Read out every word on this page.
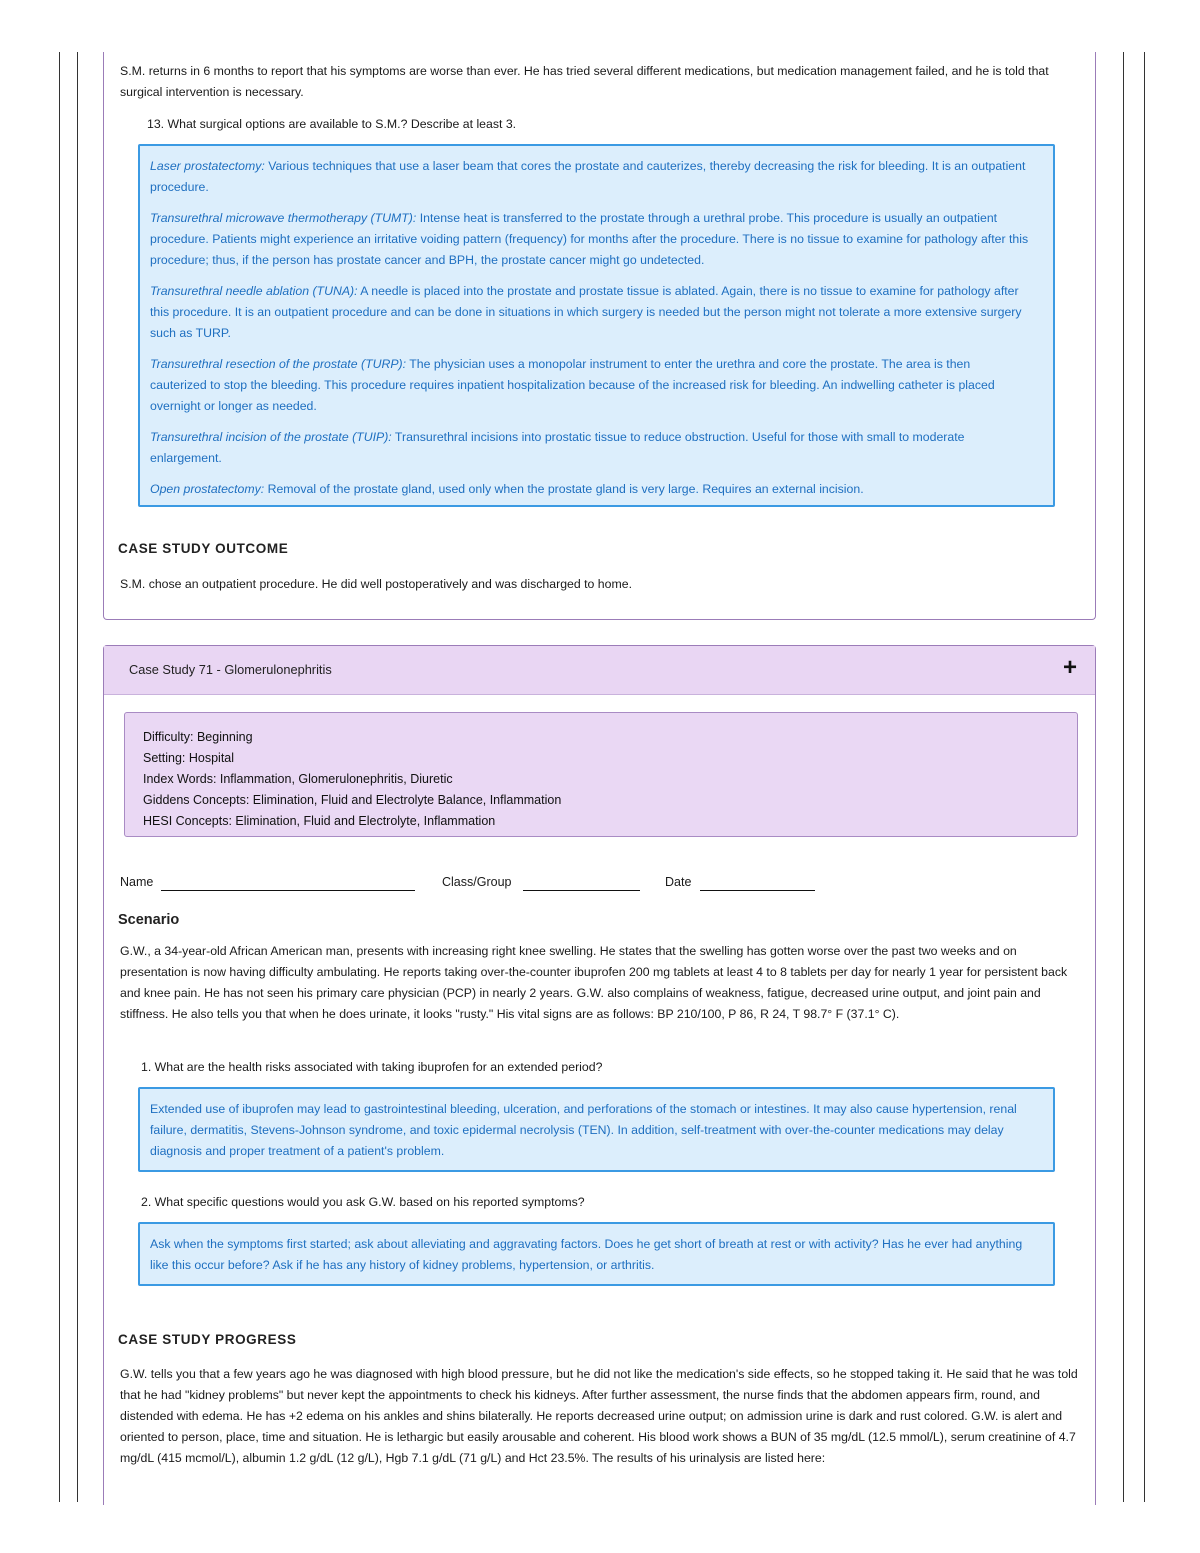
S.M. returns in 6 months to report that his symptoms are worse than ever. He has tried several different medications, but medication management failed, and he is told that surgical intervention is necessary.

13. What surgical options are available to S.M.? Describe at least 3.

Laser prostatectomy: Various techniques that use a laser beam that cores the prostate and cauterizes, thereby decreasing the risk for bleeding. It is an outpatient procedure.

Transurethral microwave thermotherapy (TUMT): Intense heat is transferred to the prostate through a urethral probe. This procedure is usually an outpatient procedure. Patients might experience an irritative voiding pattern (frequency) for months after the procedure. There is no tissue to examine for pathology after this procedure; thus, if the person has prostate cancer and BPH, the prostate cancer might go undetected.

Transurethral needle ablation (TUNA): A needle is placed into the prostate and prostate tissue is ablated. Again, there is no tissue to examine for pathology after this procedure. It is an outpatient procedure and can be done in situations in which surgery is needed but the person might not tolerate a more extensive surgery such as TURP.

Transurethral resection of the prostate (TURP): The physician uses a monopolar instrument to enter the urethra and core the prostate. The area is then cauterized to stop the bleeding. This procedure requires inpatient hospitalization because of the increased risk for bleeding. An indwelling catheter is placed overnight or longer as needed.

Transurethral incision of the prostate (TUIP): Transurethral incisions into prostatic tissue to reduce obstruction. Useful for those with small to moderate enlargement.

Open prostatectomy: Removal of the prostate gland, used only when the prostate gland is very large. Requires an external incision.

CASE STUDY OUTCOME

S.M. chose an outpatient procedure. He did well postoperatively and was discharged to home.

Case Study 71 - Glomerulonephritis	+
Difficulty: Beginning
Setting: Hospital
Index Words: Inflammation, Glomerulonephritis, Diuretic
Giddens Concepts: Elimination, Fluid and Electrolyte Balance, Inflammation
HESI Concepts: Elimination, Fluid and Electrolyte, Inflammation
Name	Class/Group	Date
Scenario

G.W., a 34-year-old African American man, presents with increasing right knee swelling. He states that the swelling has gotten worse over the past two weeks and on presentation is now having difficulty ambulating. He reports taking over-the-counter ibuprofen 200 mg tablets at least 4 to 8 tablets per day for nearly 1 year for persistent back and knee pain. He has not seen his primary care physician (PCP) in nearly 2 years. G.W. also complains of weakness, fatigue, decreased urine output, and joint pain and stiffness. He also tells you that when he does urinate, it looks "rusty." His vital signs are as follows: BP 210/100, P 86, R 24, T 98.7° F (37.1° C).

1. What are the health risks associated with taking ibuprofen for an extended period?

Extended use of ibuprofen may lead to gastrointestinal bleeding, ulceration, and perforations of the stomach or intestines. It may also cause hypertension, renal failure, dermatitis, Stevens-Johnson syndrome, and toxic epidermal necrolysis (TEN). In addition, self-treatment with over-the-counter medications may delay diagnosis and proper treatment of a patient's problem.

2. What specific questions would you ask G.W. based on his reported symptoms?

Ask when the symptoms first started; ask about alleviating and aggravating factors. Does he get short of breath at rest or with activity? Has he ever had anything like this occur before? Ask if he has any history of kidney problems, hypertension, or arthritis.

CASE STUDY PROGRESS

G.W. tells you that a few years ago he was diagnosed with high blood pressure, but he did not like the medication's side effects, so he stopped taking it. He said that he was told that he had "kidney problems" but never kept the appointments to check his kidneys. After further assessment, the nurse finds that the abdomen appears firm, round, and distended with edema. He has +2 edema on his ankles and shins bilaterally. He reports decreased urine output; on admission urine is dark and rust colored. G.W. is alert and oriented to person, place, time and situation. He is lethargic but easily arousable and coherent. His blood work shows a BUN of 35 mg/dL (12.5 mmol/L), serum creatinine of 4.7 mg/dL (415 mcmol/L), albumin 1.2 g/dL (12 g/L), Hgb 7.1 g/dL (71 g/L) and Hct 23.5%. The results of his urinalysis are listed here:
